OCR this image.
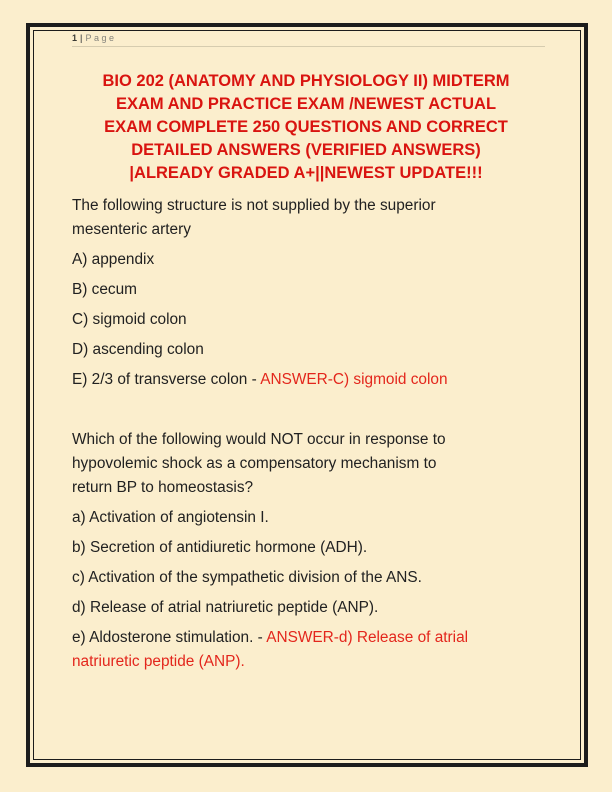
1 | Page
BIO 202 (ANATOMY AND PHYSIOLOGY II) MIDTERM
EXAM AND PRACTICE EXAM /NEWEST ACTUAL
EXAM COMPLETE 250 QUESTIONS AND CORRECT
DETAILED ANSWERS (VERIFIED ANSWERS)
|ALREADY GRADED A+||NEWEST UPDATE!!!
The following structure is not supplied by the superior
mesenteric artery
A) appendix
B) cecum
C) sigmoid colon
D) ascending colon
E) 2/3 of transverse colon - ANSWER-C) sigmoid colon
Which of the following would NOT occur in response to
hypovolemic shock as a compensatory mechanism to
return BP to homeostasis?
a) Activation of angiotensin I.
b) Secretion of antidiuretic hormone (ADH).
c) Activation of the sympathetic division of the ANS.
d) Release of atrial natriuretic peptide (ANP).
e) Aldosterone stimulation. - ANSWER-d) Release of atrial
natriuretic peptide (ANP).
